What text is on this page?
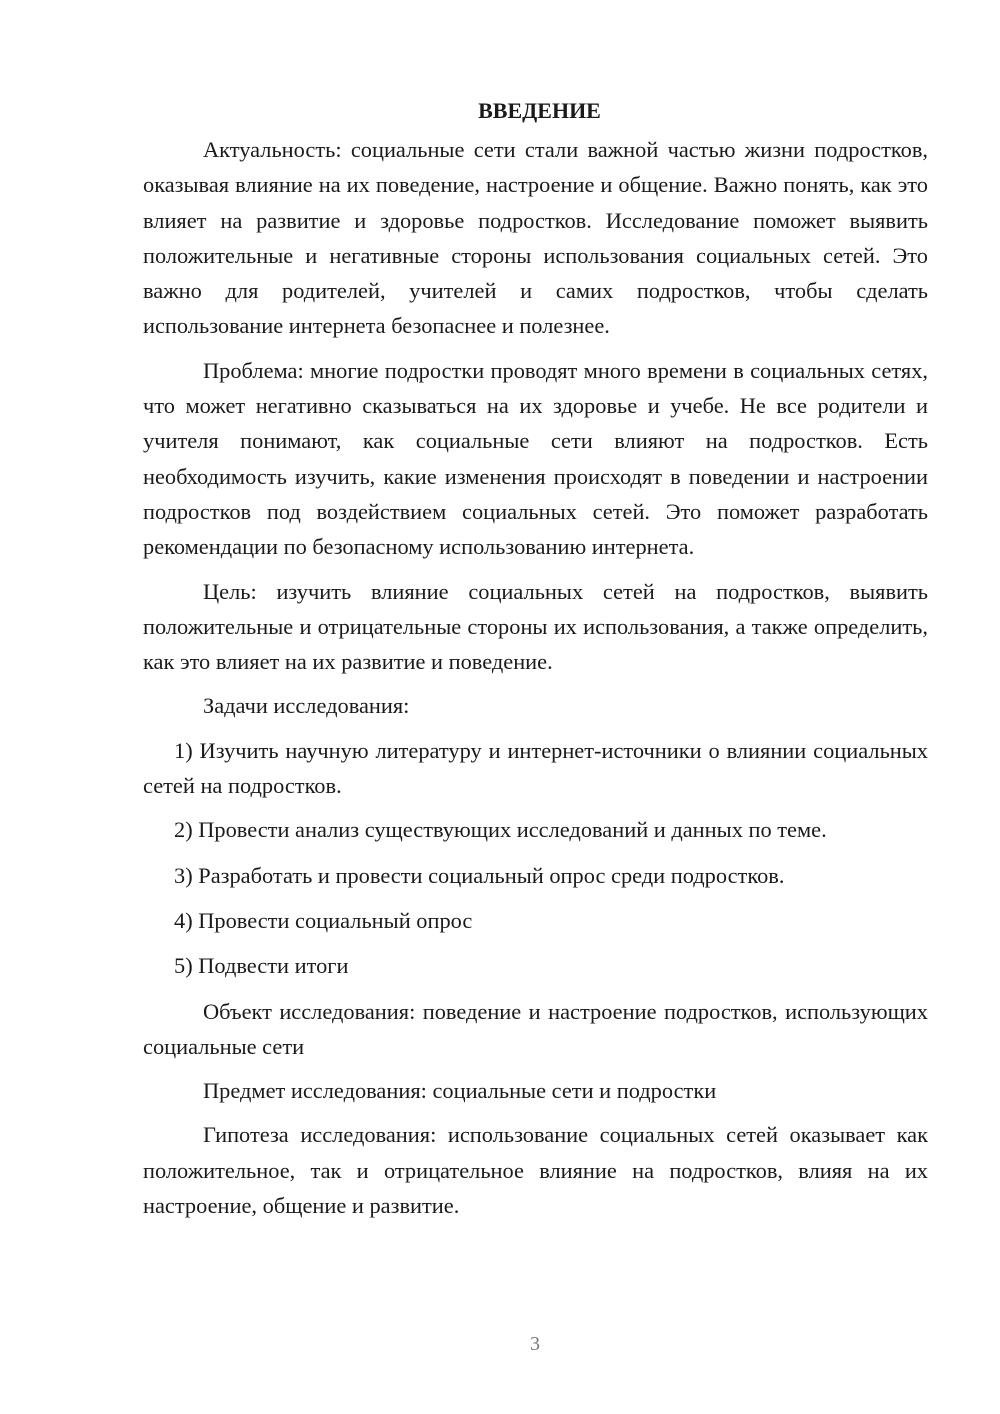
ВВЕДЕНИЕ

Актуальность: социальные сети стали важной частью жизни подростков, оказывая влияние на их поведение, настроение и общение. Важно понять, как это влияет на развитие и здоровье подростков. Исследование поможет выявить положительные и негативные стороны использования социальных сетей. Это важно для родителей, учителей и самих подростков, чтобы сделать использование интернета безопаснее и полезнее.

Проблема: многие подростки проводят много времени в социальных сетях, что может негативно сказываться на их здоровье и учебе. Не все родители и учителя понимают, как социальные сети влияют на подростков. Есть необходимость изучить, какие изменения происходят в поведении и настроении подростков под воздействием социальных сетей. Это поможет разработать рекомендации по безопасному использованию интернета.

Цель: изучить влияние социальных сетей на подростков, выявить положительные и отрицательные стороны их использования, а также определить, как это влияет на их развитие и поведение.

Задачи исследования:

1) Изучить научную литературу и интернет-источники о влиянии социальных сетей на подростков.

2) Провести анализ существующих исследований и данных по теме.
3) Разработать и провести социальный опрос среди подростков.
4) Провести социальный опрос
5) Подвести итоги

Объект исследования: поведение и настроение подростков, использующих социальные сети

Предмет исследования: социальные сети и подростки

Гипотеза исследования: использование социальных сетей оказывает как положительное, так и отрицательное влияние на подростков, влияя на их настроение, общение и развитие.

3
